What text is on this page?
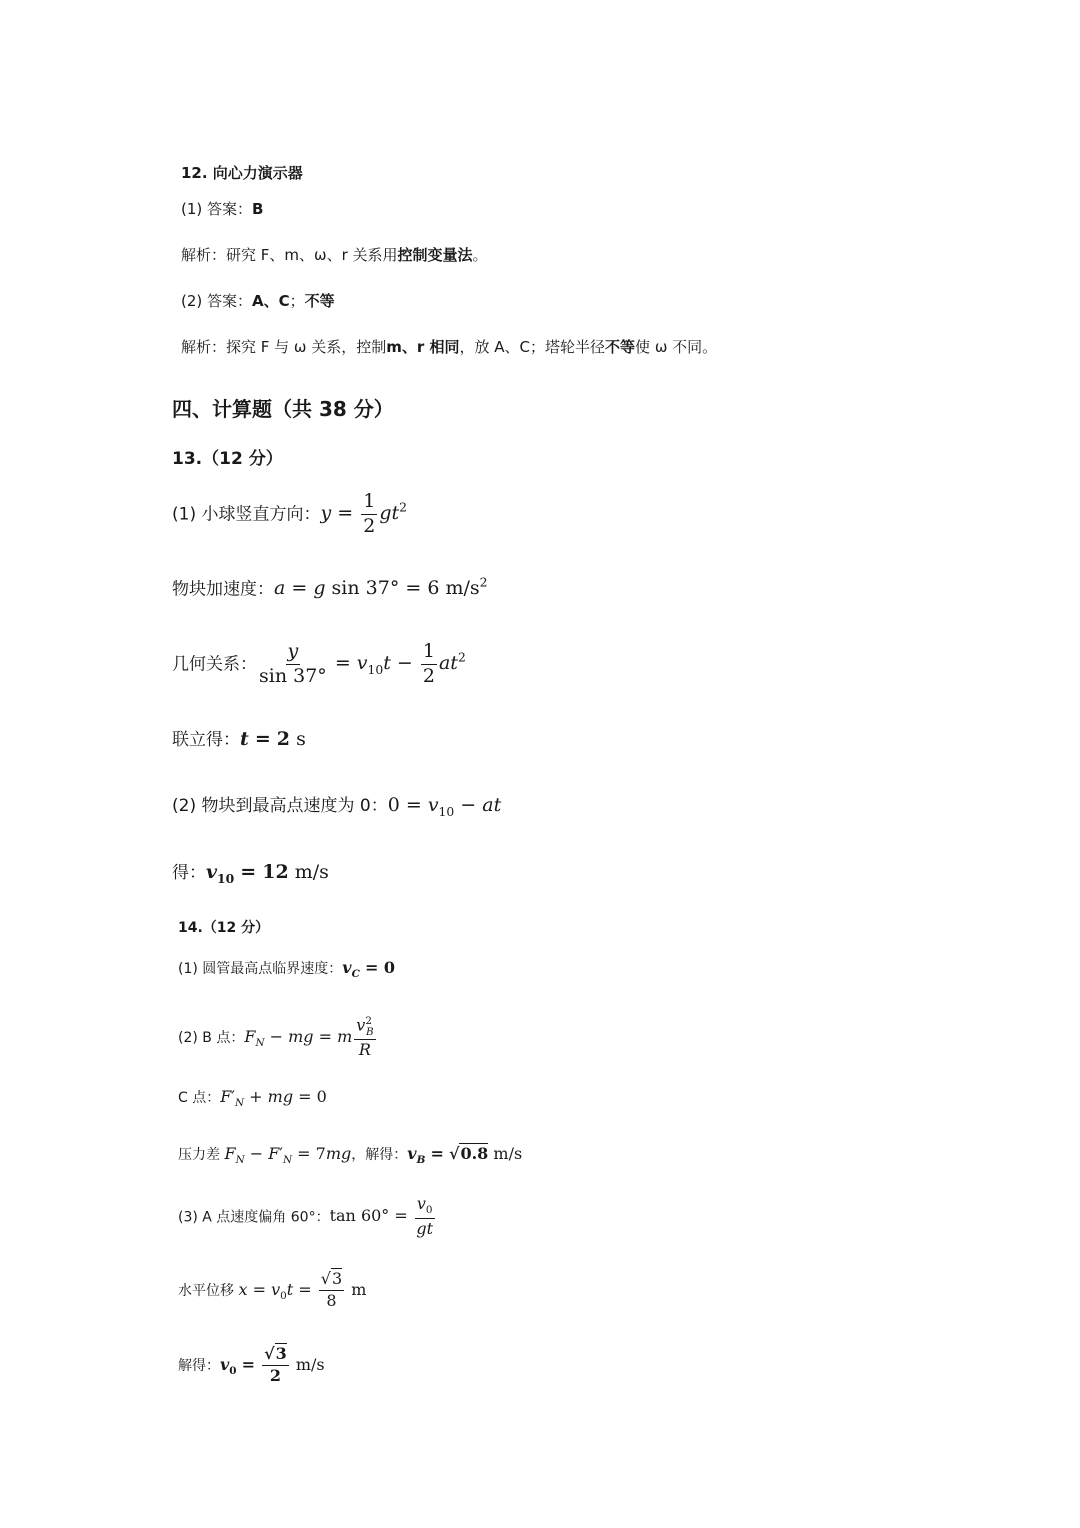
12. 向心力演示器
(1) 答案：B
解析：研究 F、m、ω、r 关系用控制变量法。
(2) 答案：A、C；不等
解析：探究 F 与 ω 关系，控制m、r 相同，放 A、C；塔轮半径不等使 ω 不同。
四、计算题（共 38 分）
13.（12 分）
(1) 小球竖直方向：$y = \frac{1}{2} gt^2$
物块加速度：a = g sin 37° = 6 $m/s^2$
几何关系： $\frac{y}{\sin 37^\circ} = v_{10}t - \frac{1}{2} at^2$
联立得：t = 2 s
(2) 物块到最高点速度为 0：$0 = v_{10}$ − at
得：$v_{10} = 12$ m/s
14.（12 分）
(1) 圆管最高点临界速度：$v_C = 0$
(2) B 点：$F_N$ − mg = m $\frac{v^2_B}{R}$
C 点：$F'_N$ + mg = 0
压力差 $F_N - F'_N = 7mg$，解得：$v_B = √0.8$ m/s
(3) A 点速度偏角 60°：$\tan 60^\circ = \frac{v_0}{gt}$
水平位移 $x = v_0t = \frac{√3}{8}$ m
解得：$v_0 = \frac{√3}{2} m/s$
